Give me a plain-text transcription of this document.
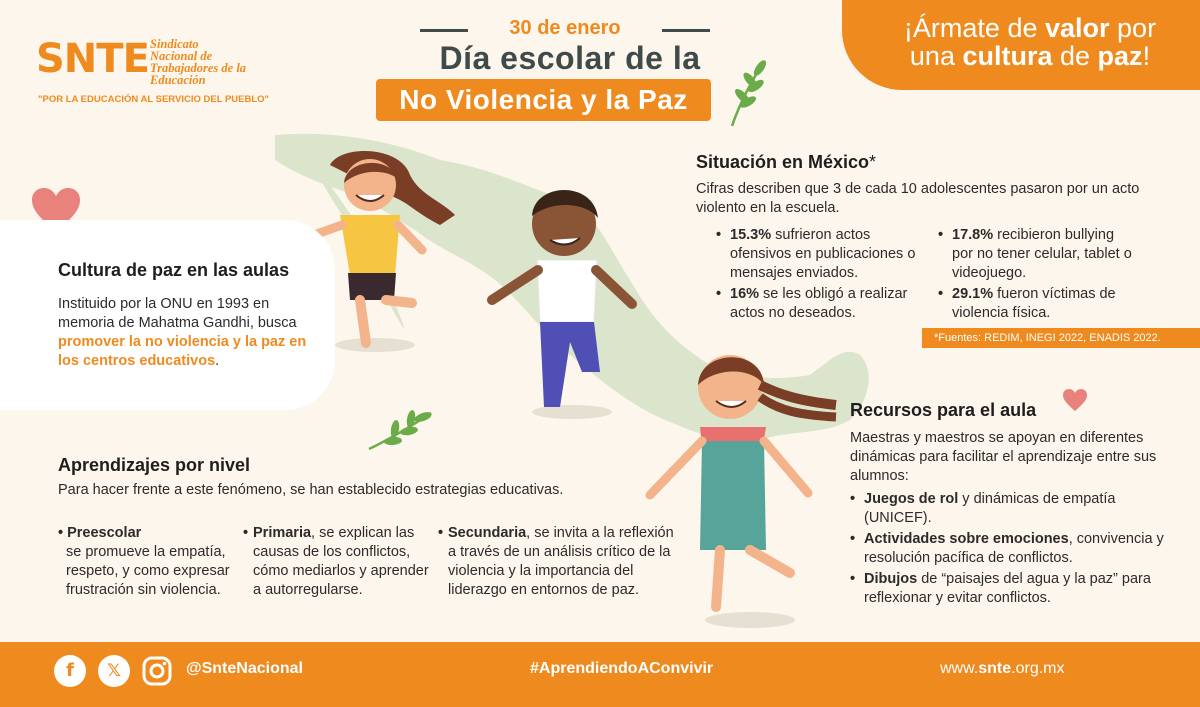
SNTE Sindicato
Nacional de
Trabajadores de la
Educación
"POR LA EDUCACIÓN AL SERVICIO DEL PUEBLO"
30 de enero
Día escolar de la
No Violencia y la Paz
¡Ármate de valor por
una cultura de paz!
Cultura de paz en las aulas
Instituido por la ONU en 1993 en memoria de Mahatma Gandhi, busca promover la no violencia y la paz en los centros educativos.
Situación en México*
Cifras describen que 3 de cada 10 adolescentes pasaron por un acto violento en la escuela.
• 15.3% sufrieron actos ofensivos en publicaciones o mensajes enviados.
• 16% se les obligó a realizar actos no deseados.
• 17.8% recibieron bullying por no tener celular, tablet o videojuego.
• 29.1% fueron víctimas de violencia física.
*Fuentes: REDIM, INEGI 2022, ENADIS 2022.
Recursos para el aula
Maestras y maestros se apoyan en diferentes dinámicas para facilitar el aprendizaje entre sus alumnos:
• Juegos de rol y dinámicas de empatía (UNICEF).
• Actividades sobre emociones, convivencia y resolución pacífica de conflictos.
• Dibujos de “paisajes del agua y la paz” para reflexionar y evitar conflictos.
Aprendizajes por nivel
Para hacer frente a este fenómeno, se han establecido estrategias educativas.
• Preescolar
se promueve la empatía, respeto, y como expresar frustración sin violencia.
• Primaria, se explican las causas de los conflictos, cómo mediarlos y aprender a autorregularse.
• Secundaria, se invita a la reflexión a través de un análisis crítico de la violencia y la importancia del liderazgo en entornos de paz.
f	𝕏	@SnteNacional	#AprendiendoAConvivir	www.snte.org.mx
